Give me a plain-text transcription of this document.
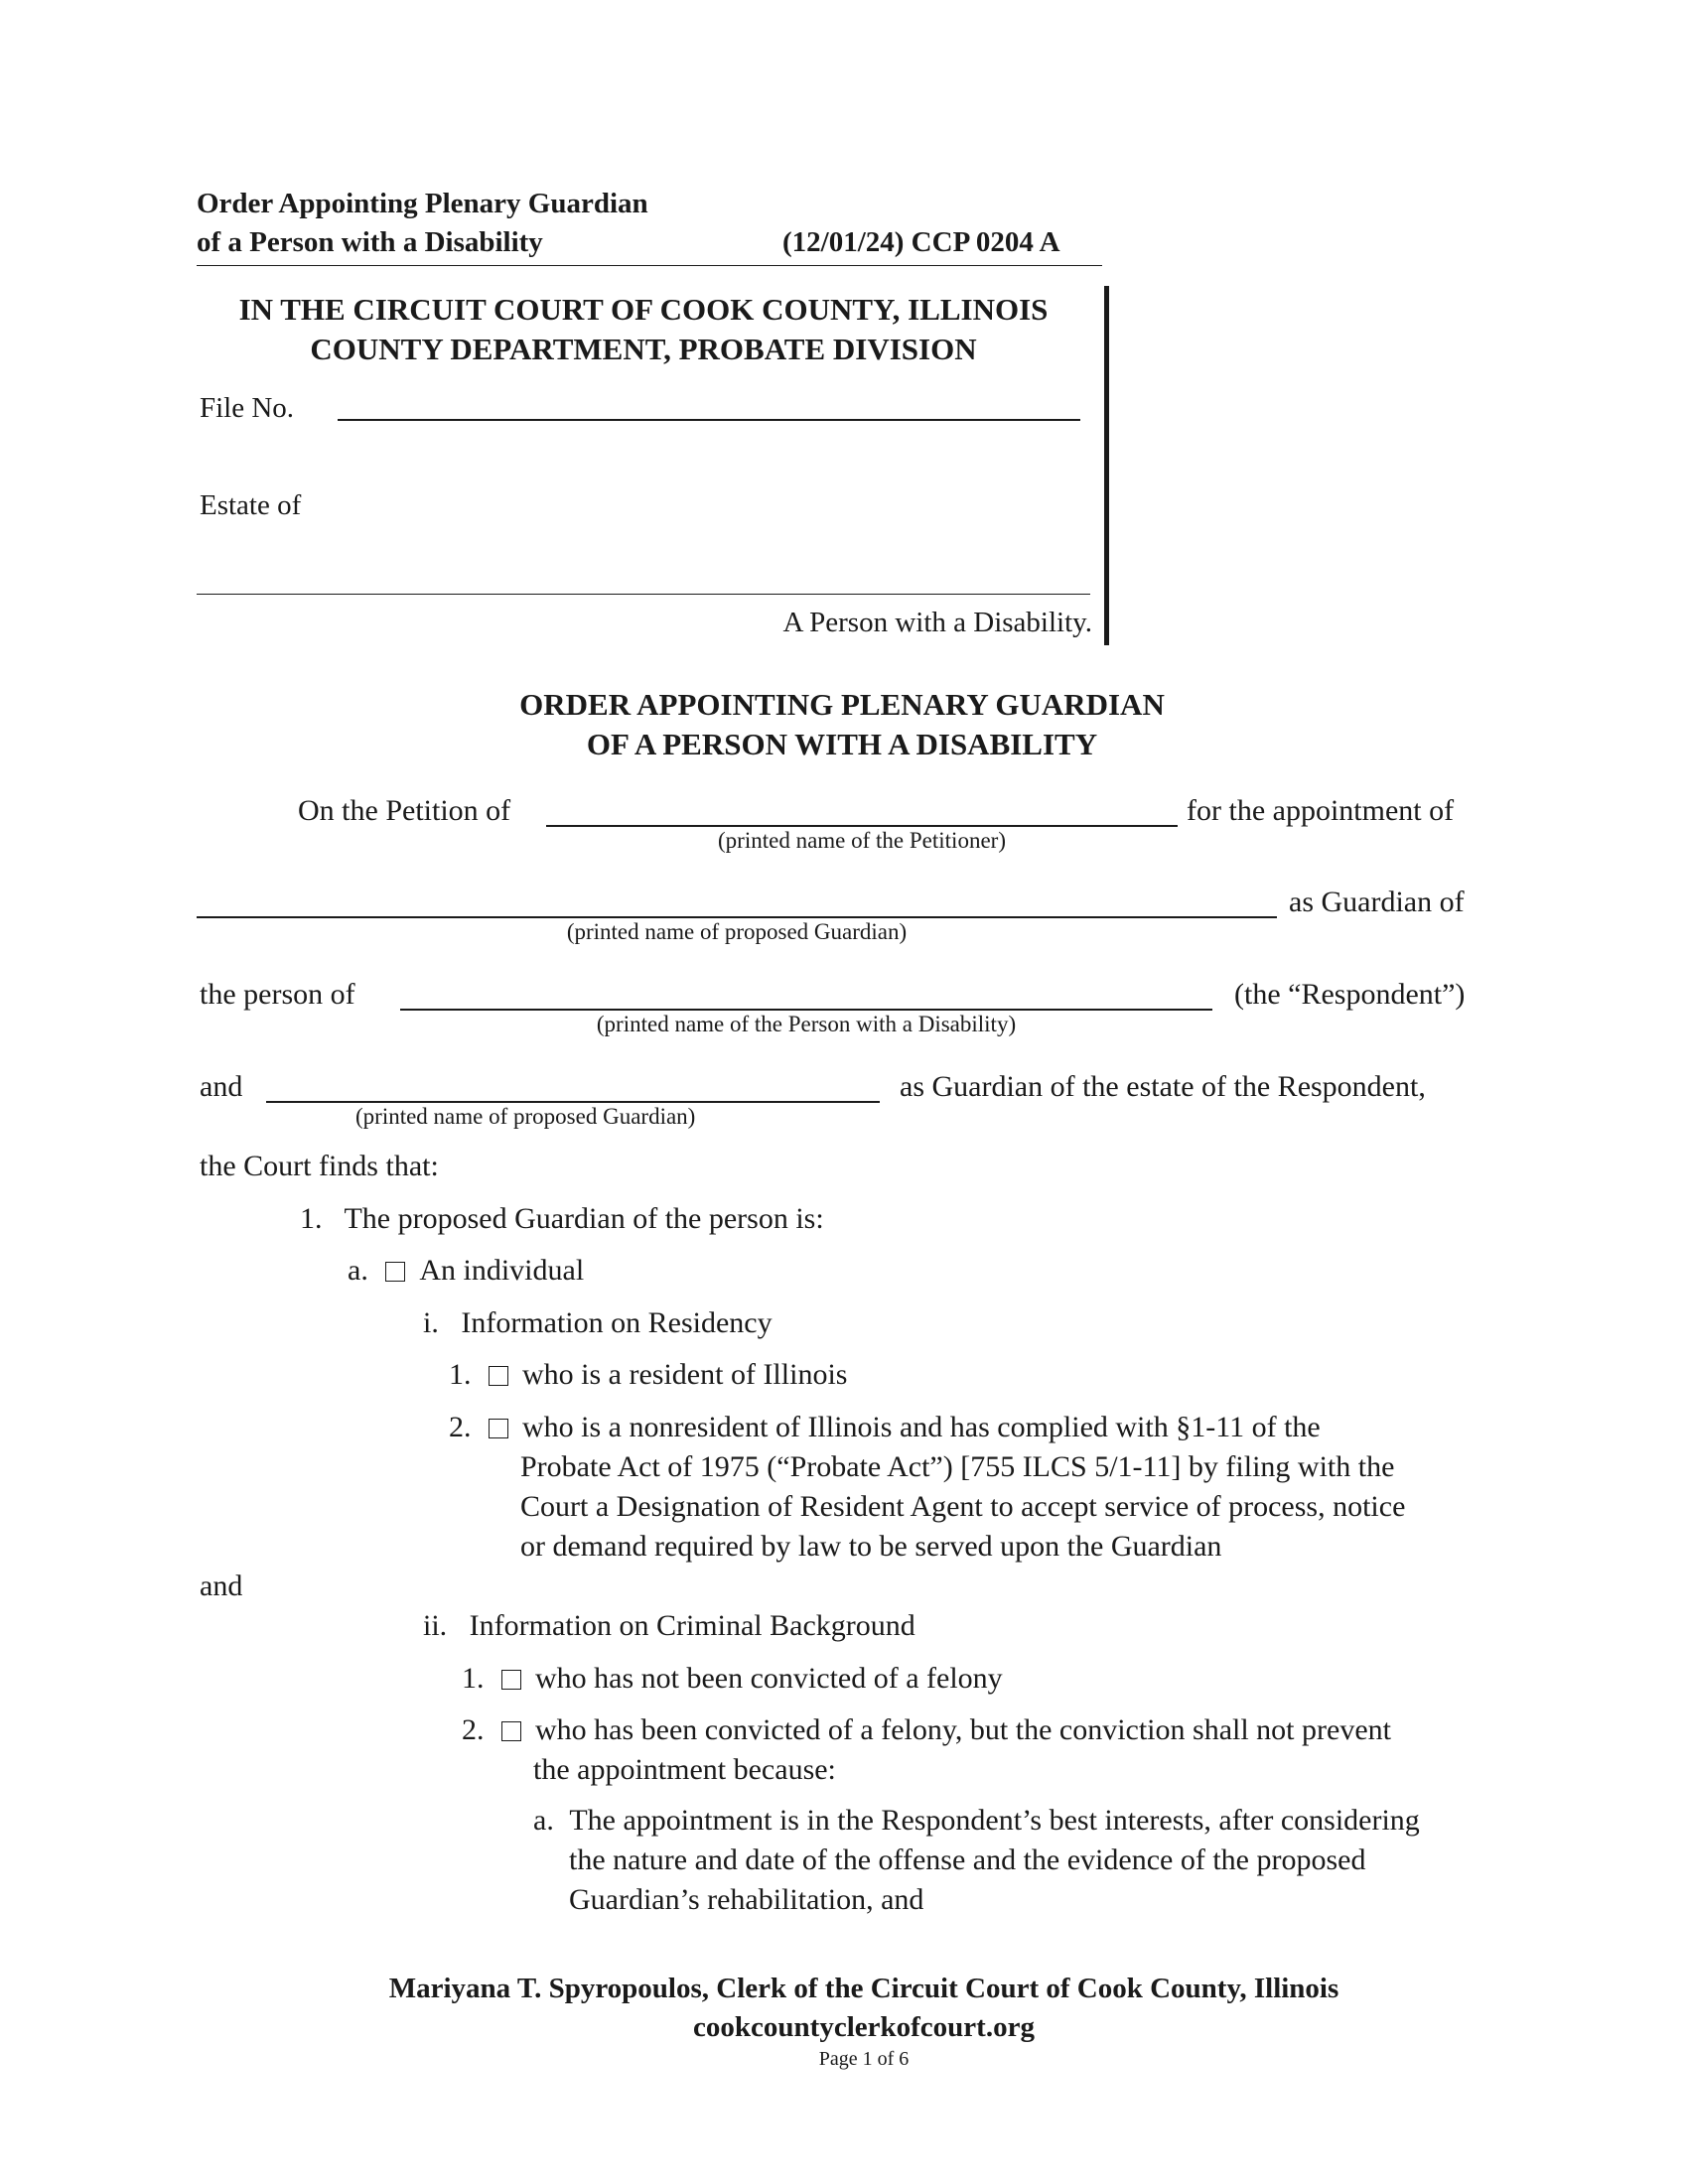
Order Appointing Plenary Guardian
of a Person with a Disability	(12/01/24) CCP 0204 A
IN THE CIRCUIT COURT OF COOK COUNTY, ILLINOIS
COUNTY DEPARTMENT, PROBATE DIVISION
File No.
Estate of
A Person with a Disability.
ORDER APPOINTING PLENARY GUARDIAN
OF A PERSON WITH A DISABILITY
On the Petition of	for the appointment of
(printed name of the Petitioner)
as Guardian of
(printed name of proposed Guardian)
the person of	(the “Respondent”)
(printed name of the Person with a Disability)
and	as Guardian of the estate of the Respondent,
(printed name of proposed Guardian)
the Court finds that:
1.  The proposed Guardian of the person is:
a. An individual
i.  Information on Residency
1. who is a resident of Illinois
2. who is a nonresident of Illinois and has complied with §1-11 of the
Probate Act of 1975 (“Probate Act”) [755 ILCS 5/1-11] by filing with the
Court a Designation of Resident Agent to accept service of process, notice
or demand required by law to be served upon the Guardian
and
ii.  Information on Criminal Background
1. who has not been convicted of a felony
2. who has been convicted of a felony, but the conviction shall not prevent
the appointment because:
a. The appointment is in the Respondent’s best interests, after considering
the nature and date of the offense and the evidence of the proposed
Guardian’s rehabilitation, and
Mariyana T. Spyropoulos, Clerk of the Circuit Court of Cook County, Illinois
cookcountyclerkofcourt.org
Page 1 of 6
